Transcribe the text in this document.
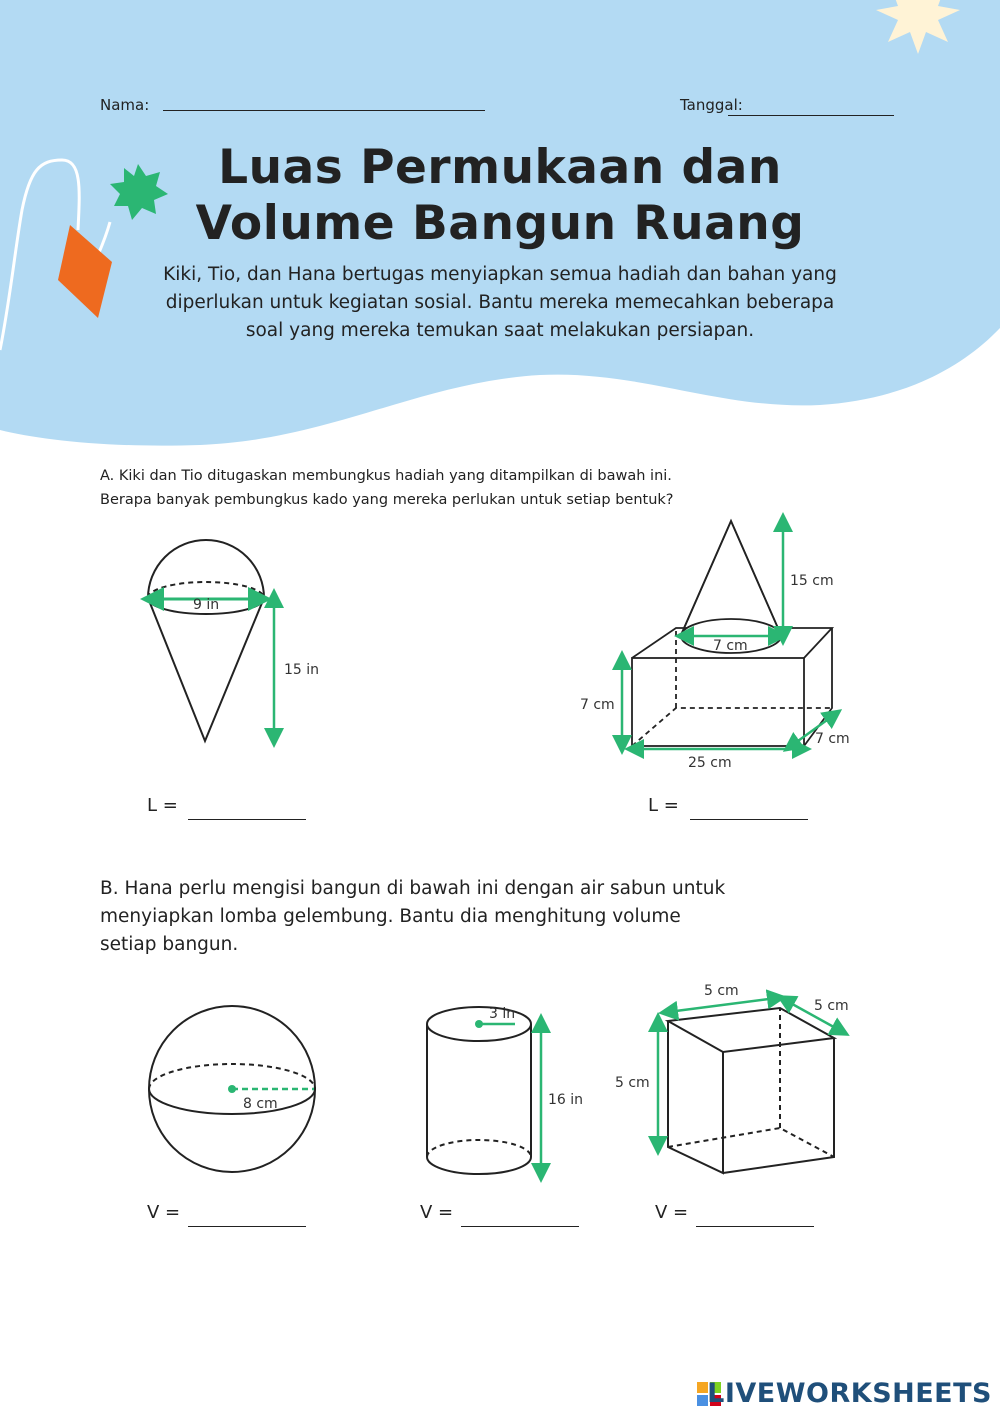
Nama:	Tanggal:
Luas Permukaan dan
Volume Bangun Ruang
Kiki, Tio, dan Hana bertugas menyiapkan semua hadiah dan bahan yang
diperlukan untuk kegiatan sosial. Bantu mereka memecahkan beberapa
soal yang mereka temukan saat melakukan persiapan.
A. Kiki dan Tio ditugaskan membungkus hadiah yang ditampilkan di bawah ini.
Berapa banyak pembungkus kado yang mereka perlukan untuk setiap bentuk?
9 in
15 in
15 cm
7 cm
7 cm
25 cm
7 cm
8 cm
3 in
16 in
5 cm
5 cm
5 cm
L =	L =
B. Hana perlu mengisi bangun di bawah ini dengan air sabun untuk
menyiapkan lomba gelembung. Bantu dia menghitung volume
setiap bangun.
V =	V =	V =
LIVEWORKSHEETS
